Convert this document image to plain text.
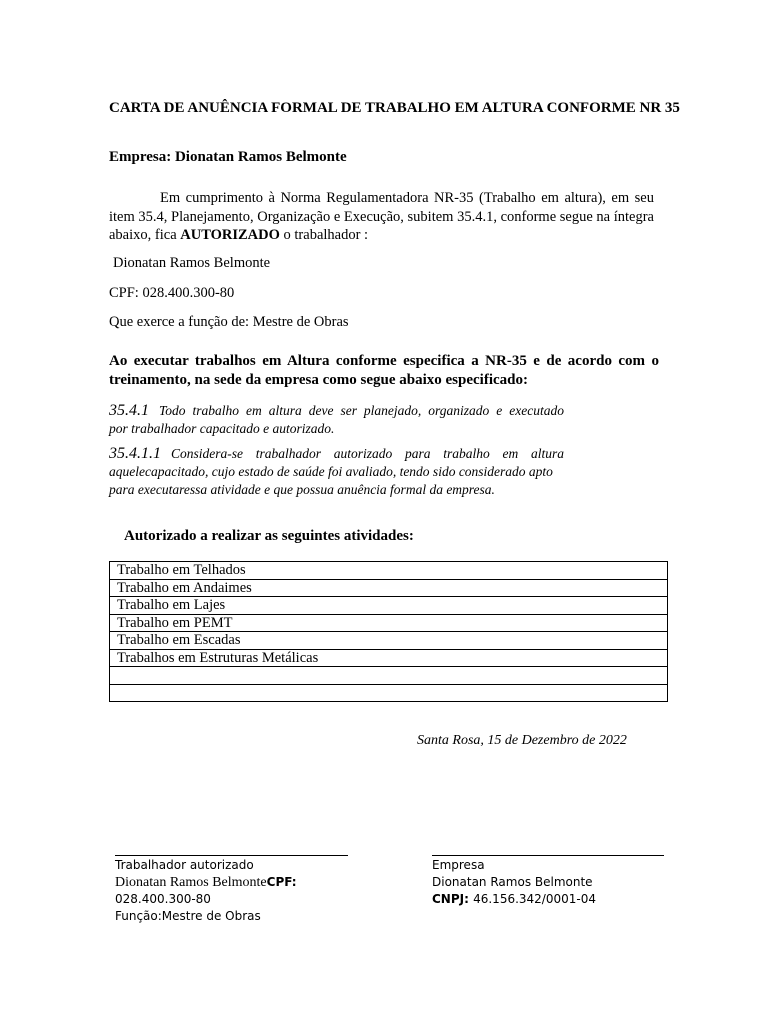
CARTA DE ANUÊNCIA FORMAL DE TRABALHO EM ALTURA CONFORME NR 35
Empresa: Dionatan Ramos Belmonte
Em cumprimento à Norma Regulamentadora NR-35 (Trabalho em altura), em seu item 35.4, Planejamento, Organização e Execução, subitem 35.4.1, conforme segue na íntegra abaixo, fica AUTORIZADO o trabalhador :
Dionatan Ramos Belmonte
CPF: 028.400.300-80
Que exerce a função de: Mestre de Obras
Ao executar trabalhos em Altura conforme especifica a NR-35 e de acordo com o treinamento, na sede da empresa como segue abaixo especificado:
35.4.1 Todo trabalho em altura deve ser planejado, organizado e executado
por trabalhador capacitado e autorizado.
35.4.1.1 Considera-se trabalhador autorizado para trabalho em altura
aquelecapacitado, cujo estado de saúde foi avaliado, tendo sido considerado apto
para executaressa atividade e que possua anuência formal da empresa.
Autorizado a realizar as seguintes atividades:
Trabalho em Telhados
Trabalho em Andaimes
Trabalho em Lajes
Trabalho em PEMT
Trabalho em Escadas
Trabalhos em Estruturas Metálicas

Santa Rosa, 15 de Dezembro de 2022
Trabalhador autorizado
Dionatan Ramos BelmonteCPF:
028.400.300-80
Função:Mestre de Obras
Empresa
Dionatan Ramos Belmonte
CNPJ: 46.156.342/0001-04
